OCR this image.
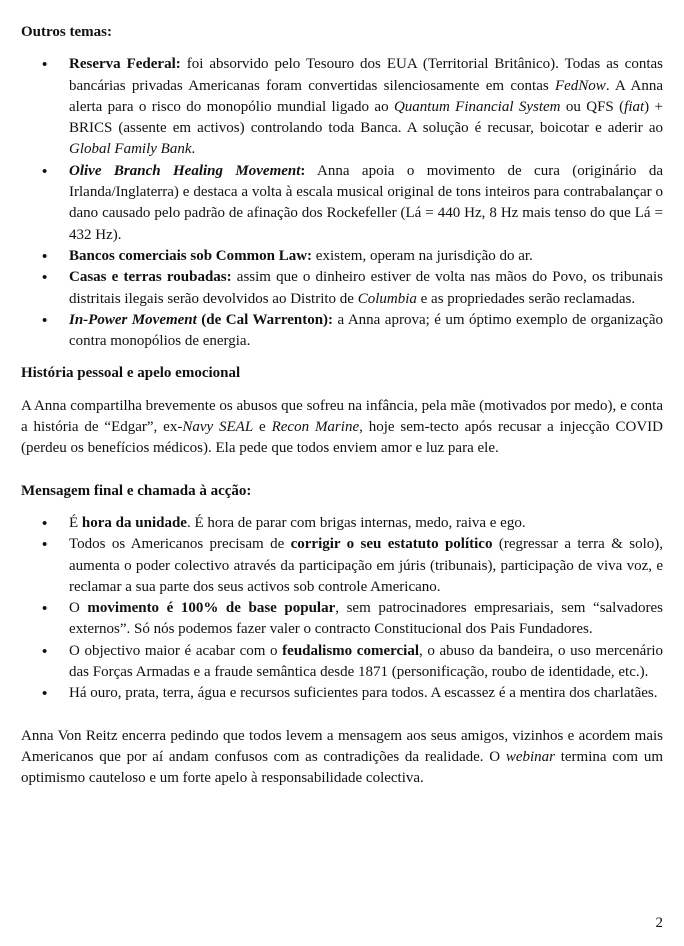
Outros temas:
• Reserva Federal: foi absorvido pelo Tesouro dos EUA (Territorial Britânico). Todas as contas bancárias privadas Americanas foram convertidas silenciosamente em contas FedNow. A Anna alerta para o risco do monopólio mundial ligado ao Quantum Financial System ou QFS (fiat) + BRICS (assente em activos) controlando toda Banca. A solução é recusar, boicotar e aderir ao Global Family Bank.
• Olive Branch Healing Movement: Anna apoia o movimento de cura (originário da Irlanda/Inglaterra) e destaca a volta à escala musical original de tons inteiros para contrabalançar o dano causado pelo padrão de afinação dos Rockefeller (Lá = 440 Hz, 8 Hz mais tenso do que Lá = 432 Hz).
• Bancos comerciais sob Common Law: existem, operam na jurisdição do ar.
• Casas e terras roubadas: assim que o dinheiro estiver de volta nas mãos do Povo, os tribunais distritais ilegais serão devolvidos ao Distrito de Columbia e as propriedades serão reclamadas.
• In-Power Movement (de Cal Warrenton): a Anna aprova; é um óptimo exemplo de organização contra monopólios de energia.
História pessoal e apelo emocional

A Anna compartilha brevemente os abusos que sofreu na infância, pela mãe (motivados por medo), e conta a história de “Edgar”, ex-Navy SEAL e Recon Marine, hoje sem-tecto após recusar a injecção COVID (perdeu os benefícios médicos). Ela pede que todos enviem amor e luz para ele.

Mensagem final e chamada à acção:
• É hora da unidade. É hora de parar com brigas internas, medo, raiva e ego.
• Todos os Americanos precisam de corrigir o seu estatuto político (regressar a terra & solo), aumenta o poder colectivo através da participação em júris (tribunais), participação de viva voz, e reclamar a sua parte dos seus activos sob controle Americano.
• O movimento é 100% de base popular, sem patrocinadores empresariais, sem “salvadores externos”. Só nós podemos fazer valer o contracto Constitucional dos Pais Fundadores.
• O objectivo maior é acabar com o feudalismo comercial, o abuso da bandeira, o uso mercenário das Forças Armadas e a fraude semântica desde 1871 (personificação, roubo de identidade, etc.).
• Há ouro, prata, terra, água e recursos suficientes para todos. A escassez é a mentira dos charlatães.

Anna Von Reitz encerra pedindo que todos levem a mensagem aos seus amigos, vizinhos e acordem mais Americanos que por aí andam confusos com as contradições da realidade. O webinar termina com um optimismo cauteloso e um forte apelo à responsabilidade colectiva.

2
